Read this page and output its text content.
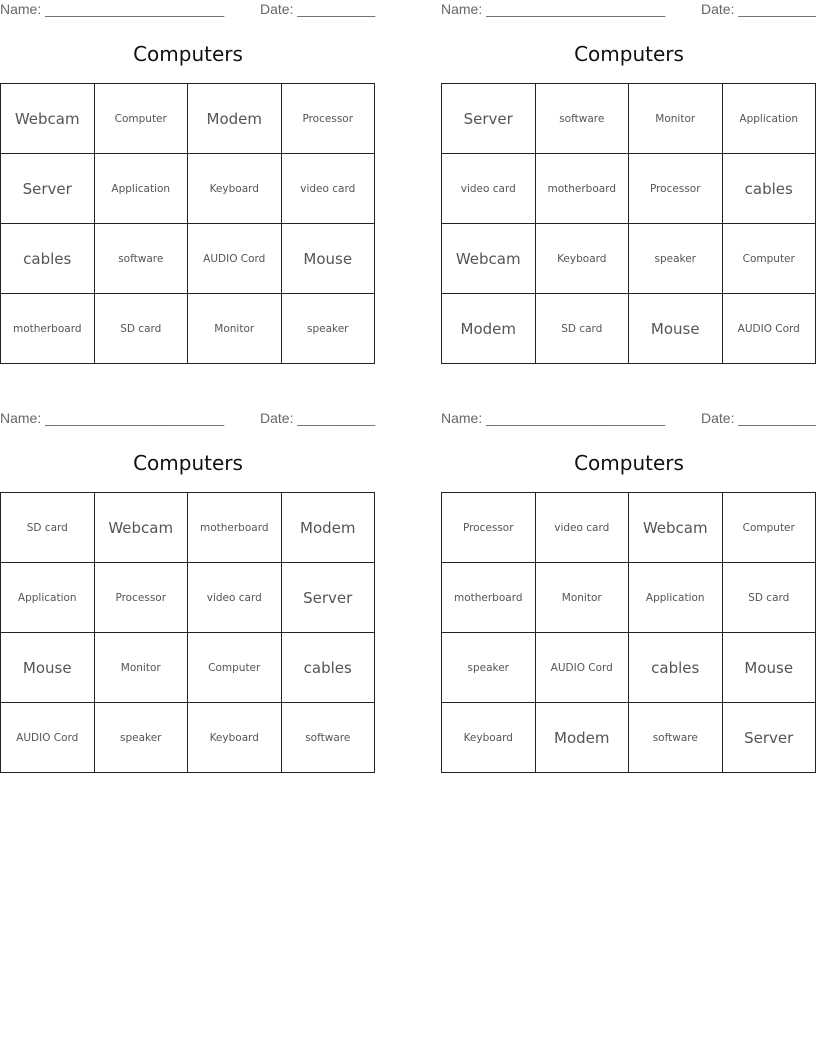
Name: _______________________	Date: __________
Computers
Webcam	Computer	Modem	Processor
Server	Application	Keyboard	video card
cables	software	AUDIO Cord	Mouse
motherboard	SD card	Monitor	speaker
Name: _______________________	Date: __________
Computers
Server	software	Monitor	Application
video card	motherboard	Processor	cables
Webcam	Keyboard	speaker	Computer
Modem	SD card	Mouse	AUDIO Cord
Name: _______________________	Date: __________
Computers
SD card	Webcam	motherboard	Modem
Application	Processor	video card	Server
Mouse	Monitor	Computer	cables
AUDIO Cord	speaker	Keyboard	software
Name: _______________________	Date: __________
Computers
Processor	video card	Webcam	Computer
motherboard	Monitor	Application	SD card
speaker	AUDIO Cord	cables	Mouse
Keyboard	Modem	software	Server
